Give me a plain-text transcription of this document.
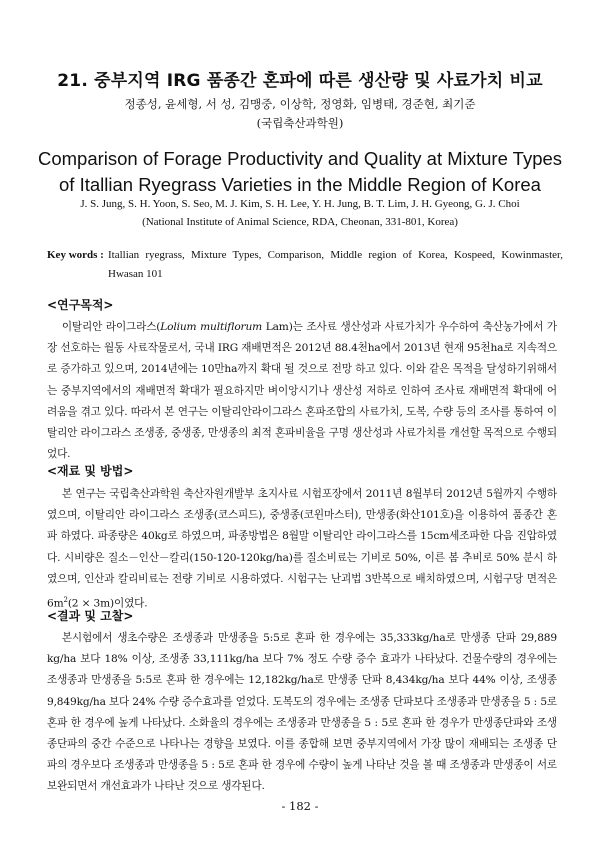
21. 중부지역 IRG 품종간 혼파에 따른 생산량 및 사료가치 비교
정종성, 윤세형, 서 성, 김맹중, 이상학, 정영화, 임병태, 경준현, 최기준
(국립축산과학원)
Comparison of Forage Productivity and Quality at Mixture Types of Itallian Ryegrass Varieties in the Middle Region of Korea
J. S. Jung, S. H. Yoon, S. Seo, M. J. Kim, S. H. Lee, Y. H. Jung, B. T. Lim, J. H. Gyeong, G. J. Choi
(National Institute of Animal Science, RDA, Cheonan, 331-801, Korea)
Key words : Itallian ryegrass, Mixture Types, Comparison, Middle region of Korea, Kospeed, Kowinmaster, Hwasan 101
<연구목적>
이탈리안 라이그라스(Lolium multiflorum Lam)는 조사료 생산성과 사료가치가 우수하여 축산농가에서 가장 선호하는 월동 사료작물로서, 국내 IRG 재배면적은 2012년 88.4천ha에서 2013년 현재 95천ha로 지속적으로 증가하고 있으며, 2014년에는 10만ha까지 확대 될 것으로 전망 하고 있다. 이와 같은 목적을 달성하기위해서는 중부지역에서의 재배면적 확대가 필요하지만 벼이앙시기나 생산성 저하로 인하여 조사료 재배면적 확대에 어려움을 겪고 있다. 따라서 본 연구는 이탈리안라이그라스 혼파조합의 사료가치, 도복, 수량 등의 조사를 통하여 이탈리안 라이그라스 조생종, 중생종, 만생종의 최적 혼파비율을 구명 생산성과 사료가치를 개선할 목적으로 수행되었다.
<재료 및 방법>
본 연구는 국립축산과학원 축산자원개발부 초지사료 시험포장에서 2011년 8월부터 2012년 5월까지 수행하였으며, 이탈리안 라이그라스 조생종(코스피드), 중생종(코윈마스터), 만생종(화산101호)을 이용하여 품종간 혼파 하였다. 파종량은 40kg로 하였으며, 파종방법은 8월말 이탈리안 라이그라스를 15cm세조파한 다음 진압하였다. 시비량은 질소－인산－칼리(150-120-120kg/ha)를 질소비료는 기비로 50%, 이른 봄 추비로 50% 분시 하였으며, 인산과 칼리비료는 전량 기비로 시용하였다. 시험구는 난괴법 3반복으로 배치하였으며, 시험구당 면적은 $6m^2(2 \times 3m)$이였다.
<결과 및 고찰>
본시험에서 생초수량은 조생종과 만생종을 5:5로 혼파 한 경우에는 35,333kg/ha로 만생종 단파 29,889 kg/ha 보다 18% 이상, 조생종 33,111kg/ha 보다 7% 정도 수량 증수 효과가 나타났다. 건물수량의 경우에는 조생종과 만생종을 5:5로 혼파 한 경우에는 12,182kg/ha로 만생종 단파 8,434kg/ha 보다 44% 이상, 조생종 9,849kg/ha 보다 24% 수량 증수효과를 얻었다. 도복도의 경우에는 조생종 단파보다 조생종과 만생종을 5 : 5로 혼파 한 경우에 높게 나타났다. 소화율의 경우에는 조생종과 만생종을 5 : 5로 혼파 한 경우가 만생종단파와 조생종단파의 중간 수준으로 나타나는 경향을 보였다. 이를 종합해 보면 중부지역에서 가장 많이 재배되는 조생종 단파의 경우보다 조생종과 만생종을 5 : 5로 혼파 한 경우에 수량이 높게 나타난 것을 볼 때 조생종과 만생종이 서로 보완되면서 개선효과가 나타난 것으로 생각된다.
- 182 -
